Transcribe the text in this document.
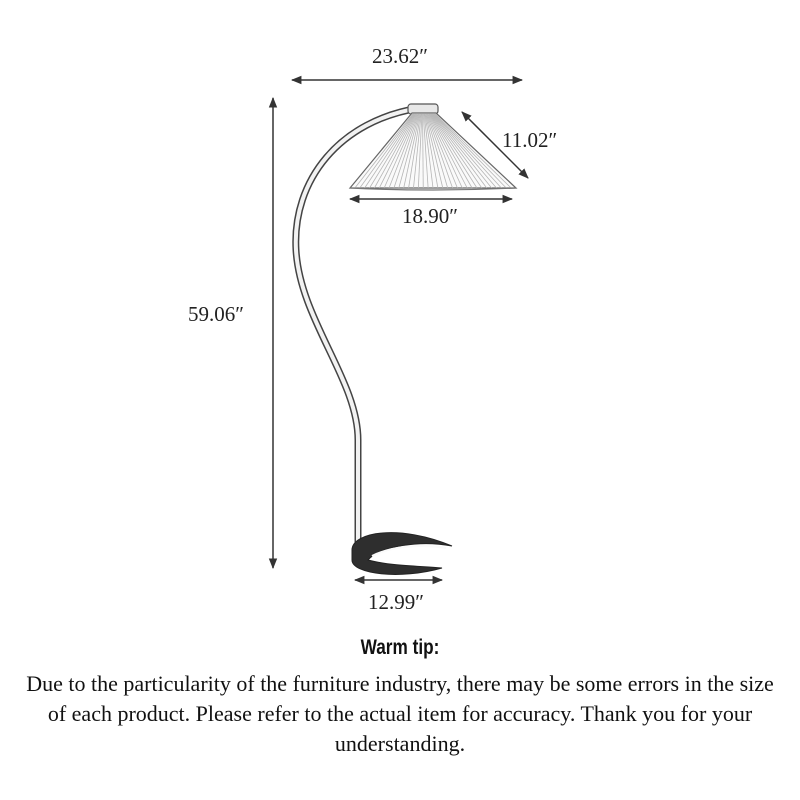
23.62″
11.02″
18.90″
59.06″
12.99″
Warm tip:
Due to the particularity of the furniture industry, there may be some errors in the size of each product. Please refer to the actual item for accuracy. Thank you for your understanding.
